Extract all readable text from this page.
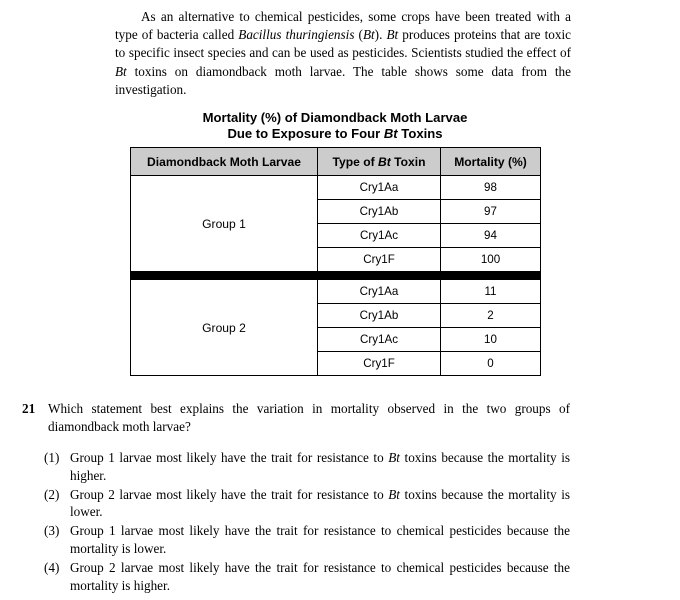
As an alternative to chemical pesticides, some crops have been treated with a type of bacteria called Bacillus thuringiensis (Bt). Bt produces proteins that are toxic to specific insect species and can be used as pesticides. Scientists studied the effect of Bt toxins on diamondback moth larvae. The table shows some data from the investigation.
Mortality (%) of Diamondback Moth Larvae
Due to Exposure to Four Bt Toxins
Diamondback Moth Larvae	Type of Bt Toxin	Mortality (%)
Group 1	Cry1Aa	98
	Cry1Ab	97
	Cry1Ac	94
	Cry1F	100

Group 2	Cry1Aa	11
	Cry1Ab	2
	Cry1Ac	10
	Cry1F	0
21 Which statement best explains the variation in mortality observed in the two groups of diamondback moth larvae?
(1) Group 1 larvae most likely have the trait for resistance to Bt toxins because the mortality is higher.
(2) Group 2 larvae most likely have the trait for resistance to Bt toxins because the mortality is lower.
(3) Group 1 larvae most likely have the trait for resistance to chemical pesticides because the mortality is lower.
(4) Group 2 larvae most likely have the trait for resistance to chemical pesticides because the mortality is higher.
